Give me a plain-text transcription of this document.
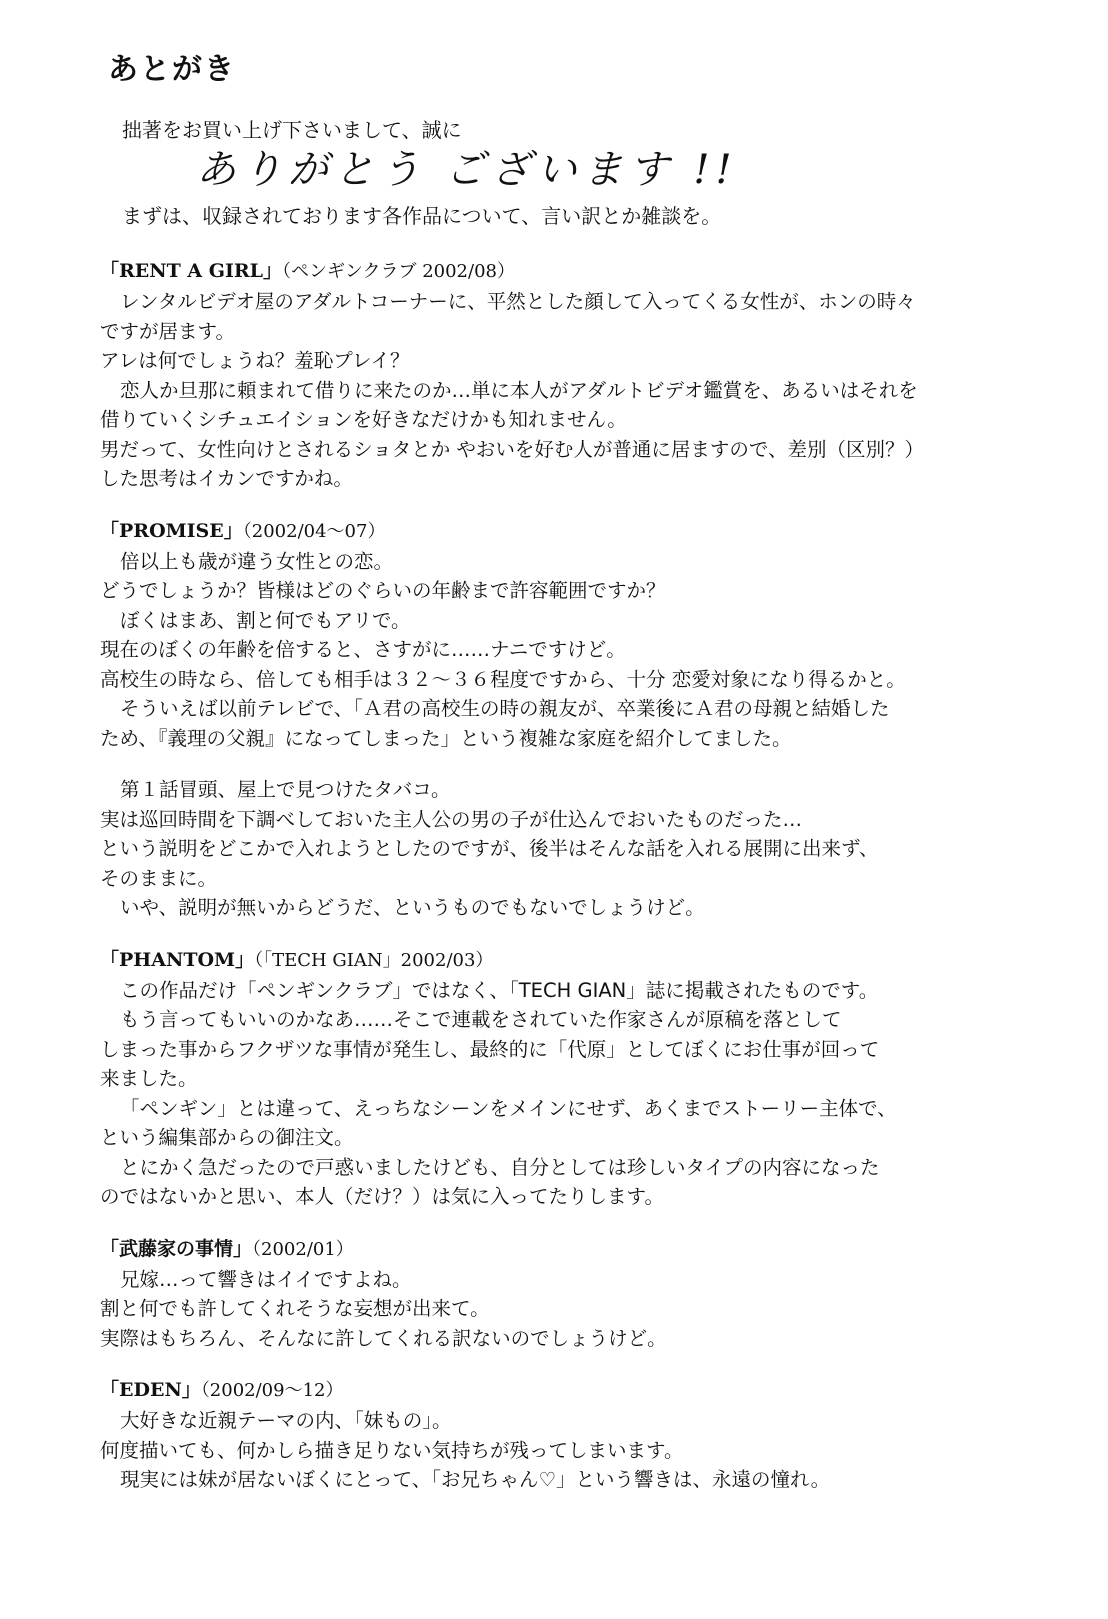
あとがき
拙著をお買い上げ下さいまして、誠に
ありがとう ございます !!
まずは、収録されております各作品について、言い訳とか雑談を。
「RENT A GIRL」（ペンギンクラブ 2002/08）
レンタルビデオ屋のアダルトコーナーに、平然とした顔して入ってくる女性が、ホンの時々
ですが居ます。
アレは何でしょうね？羞恥プレイ？
恋人か旦那に頼まれて借りに来たのか…単に本人がアダルトビデオ鑑賞を、あるいはそれを
借りていくシチュエイションを好きなだけかも知れません。
男だって、女性向けとされるショタとか やおいを好む人が普通に居ますので、差別（区別？）
した思考はイカンですかね。
「PROMISE」（2002/04～07）
倍以上も歳が違う女性との恋。
どうでしょうか？皆様はどのぐらいの年齢まで許容範囲ですか？
ぼくはまあ、割と何でもアリで。
現在のぼくの年齢を倍すると、さすがに……ナニですけど。
高校生の時なら、倍しても相手は３２～３６程度ですから、十分 恋愛対象になり得るかと。
そういえば以前テレビで、「Ａ君の高校生の時の親友が、卒業後にＡ君の母親と結婚した
ため、『義理の父親』になってしまった」という複雑な家庭を紹介してました。
第１話冒頭、屋上で見つけたタバコ。
実は巡回時間を下調べしておいた主人公の男の子が仕込んでおいたものだった…
という説明をどこかで入れようとしたのですが、後半はそんな話を入れる展開に出来ず、
そのままに。
いや、説明が無いからどうだ、というものでもないでしょうけど。
「PHANTOM」（「TECH GIAN」2002/03）
この作品だけ「ペンギンクラブ」ではなく、「TECH GIAN」誌に掲載されたものです。
もう言ってもいいのかなあ……そこで連載をされていた作家さんが原稿を落として
しまった事からフクザツな事情が発生し、最終的に「代原」としてぼくにお仕事が回って
来ました。
「ペンギン」とは違って、えっちなシーンをメインにせず、あくまでストーリー主体で、
という編集部からの御注文。
とにかく急だったので戸惑いましたけども、自分としては珍しいタイプの内容になった
のではないかと思い、本人（だけ？）は気に入ってたりします。
「武藤家の事情」（2002/01）
兄嫁…って響きはイイですよね。
割と何でも許してくれそうな妄想が出来て。
実際はもちろん、そんなに許してくれる訳ないのでしょうけど。
「EDEN」（2002/09～12）
大好きな近親テーマの内、「妹もの」。
何度描いても、何かしら描き足りない気持ちが残ってしまいます。
現実には妹が居ないぼくにとって、「お兄ちゃん♡」という響きは、永遠の憧れ。
